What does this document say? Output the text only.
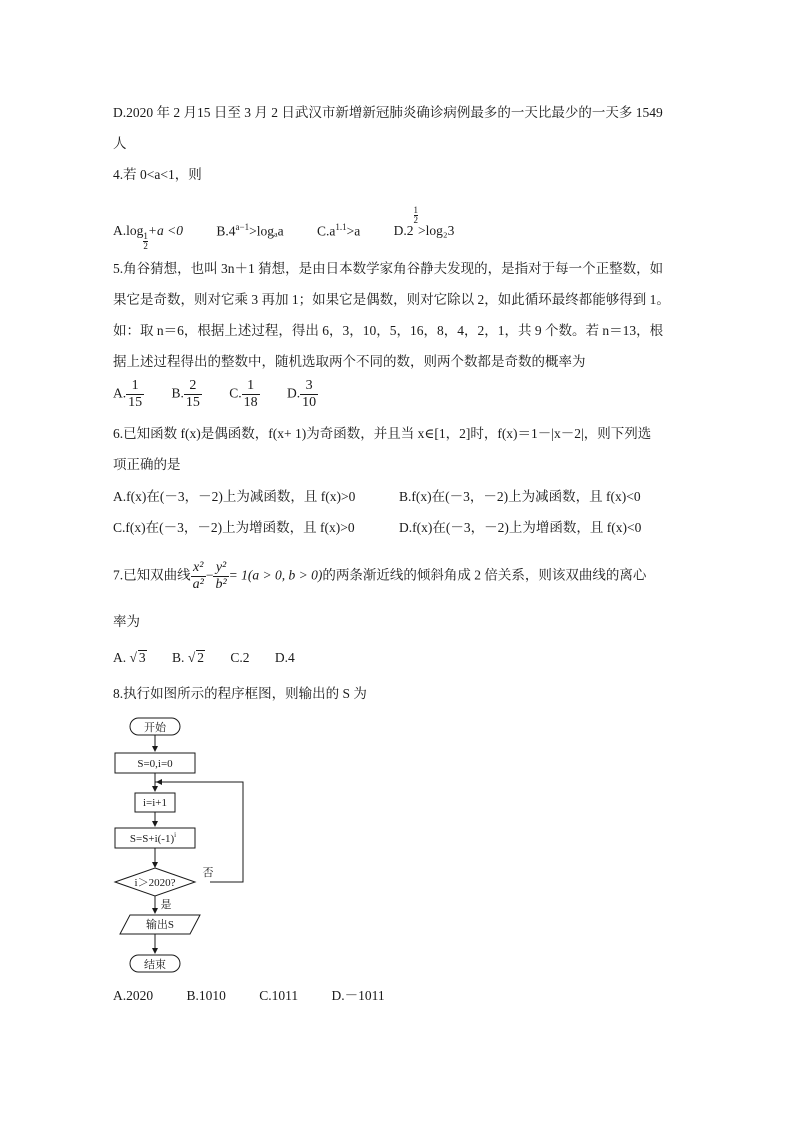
D.2020 年 2 月15 日至 3 月 2 日武汉市新增新冠肺炎确诊病例最多的一天比最少的一天多 1549
人
4.若 0<a<1，则
A.log
$\frac{1}{2}$
+a <0 $B.4^{a-1}>\log_aa$ $C.a^{1.1}>a$ D.2
$\frac{1}{2}$
>log₂3
5.角谷猜想，也叫 3n＋1 猜想，是由日本数学家角谷静夫发现的，是指对于每一个正整数，如
果它是奇数，则对它乘 3 再加 1；如果它是偶数，则对它除以 2，如此循环最终都能够得到 1。
如：取 n＝6，根据上述过程，得出 6，3，10，5，16，8，4，2，1，共 9 个数。若 n＝13，根
据上述过程得出的整数中，随机选取两个不同的数，则两个数都是奇数的概率为
A. $\frac{1}{15} B$. $\frac{2}{15} C$. $\frac{1}{18} D$. $\frac{3}{10}$
6.已知函数 f(x)是偶函数，f(x+ 1)为奇函数，并且当 x∈[1，2]时，f(x)＝1－|x－2|，则下列选
项正确的是
A.f(x)在(－3，－2)上为减函数，且 f(x)>0	B.f(x)在(－3，－2)上为减函数，且 f(x)<0
C.f(x)在(－3，－2)上为增函数，且 f(x)>0	D.f(x)在(－3，－2)上为增函数，且 f(x)<0
7.已知双曲线 $\frac{\text{x²}}{\text{a²}} - \frac{\text{y²}}{\text{b²}} = 1(a > 0$, b > 0)的两条渐近线的倾斜角成 2 倍关系，则该双曲线的离心
率为
A. √ 3 B. √ 2 C.2 D.4
8.执行如图所示的程序框图，则输出的 S 为
开始
S=0,i=0
i=i+1
$S=S+i(-1)^i$
i＞2020?
否
是
输出S
结束
A.2020 B.1010 C.1011 D.－1011
